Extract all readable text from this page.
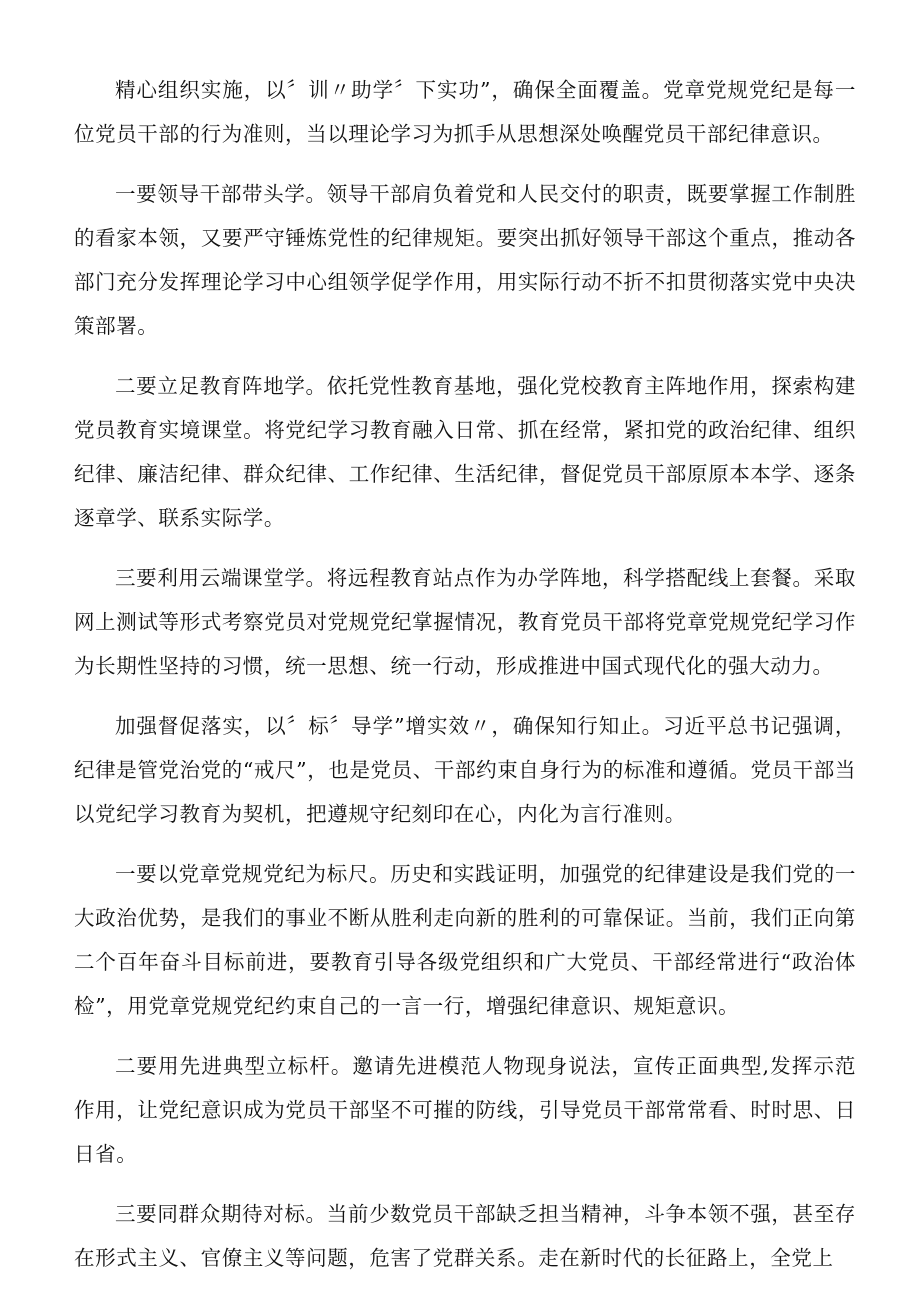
精心组织实施，以〞训〃助学〞下实功”，确保全面覆盖。党章党规党纪是每一位党员干部的行为准则，当以理论学习为抓手从思想深处唤醒党员干部纪律意识。

一要领导干部带头学。领导干部肩负着党和人民交付的职责，既要掌握工作制胜的看家本领，又要严守锤炼党性的纪律规矩。要突出抓好领导干部这个重点，推动各部门充分发挥理论学习中心组领学促学作用，用实际行动不折不扣贯彻落实党中央决策部署。

二要立足教育阵地学。依托党性教育基地，强化党校教育主阵地作用，探索构建党员教育实境课堂。将党纪学习教育融入日常、抓在经常，紧扣党的政治纪律、组织纪律、廉洁纪律、群众纪律、工作纪律、生活纪律，督促党员干部原原本本学、逐条逐章学、联系实际学。

三要利用云端课堂学。将远程教育站点作为办学阵地，科学搭配线上套餐。采取网上测试等形式考察党员对党规党纪掌握情况，教育党员干部将党章党规党纪学习作为长期性坚持的习惯，统一思想、统一行动，形成推进中国式现代化的强大动力。

加强督促落实，以〞标〞导学”增实效〃，确保知行知止。习近平总书记强调，纪律是管党治党的“戒尺”，也是党员、干部约束自身行为的标准和遵循。党员干部当以党纪学习教育为契机，把遵规守纪刻印在心，内化为言行准则。

一要以党章党规党纪为标尺。历史和实践证明，加强党的纪律建设是我们党的一大政治优势，是我们的事业不断从胜利走向新的胜利的可靠保证。当前，我们正向第二个百年奋斗目标前进，要教育引导各级党组织和广大党员、干部经常进行“政治体检”，用党章党规党纪约束自己的一言一行，增强纪律意识、规矩意识。

二要用先进典型立标杆。邀请先进模范人物现身说法，宣传正面典型,发挥示范作用，让党纪意识成为党员干部坚不可摧的防线，引导党员干部常常看、时时思、日日省。

三要同群众期待对标。当前少数党员干部缺乏担当精神，斗争本领不强，甚至存在形式主义、官僚主义等问题，危害了党群关系。走在新时代的长征路上，全党上
